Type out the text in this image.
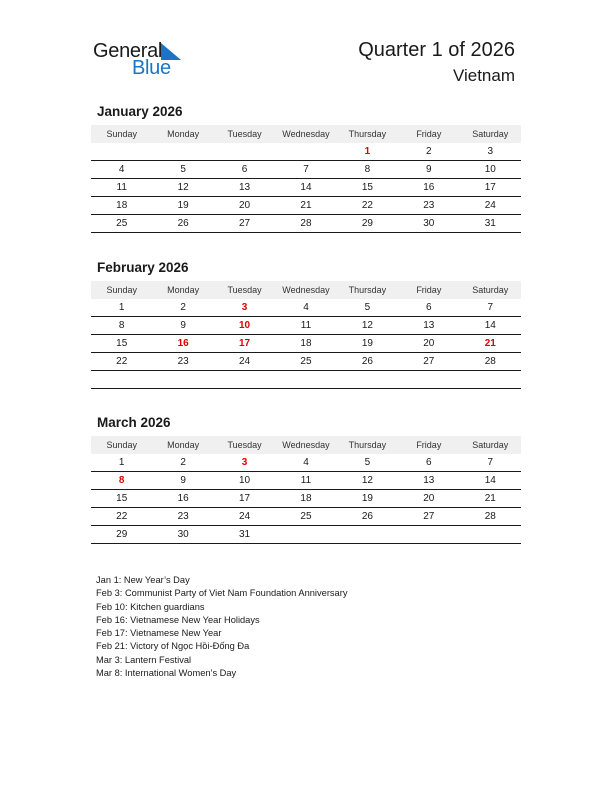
General
Blue
Quarter 1 of 2026
Vietnam
January 2026
Sunday	Monday	Tuesday	Wednesday	Thursday	Friday	Saturday
				1	2	3
4	5	6	7	8	9	10
11	12	13	14	15	16	17
18	19	20	21	22	23	24
25	26	27	28	29	30	31
February 2026
Sunday	Monday	Tuesday	Wednesday	Thursday	Friday	Saturday
1	2	3	4	5	6	7
8	9	10	11	12	13	14
15	16	17	18	19	20	21
22	23	24	25	26	27	28

March 2026
Sunday	Monday	Tuesday	Wednesday	Thursday	Friday	Saturday
1	2	3	4	5	6	7
8	9	10	11	12	13	14
15	16	17	18	19	20	21
22	23	24	25	26	27	28
29	30	31				
Jan 1: New Year’s Day
Feb 3: Communist Party of Viet Nam Foundation Anniversary
Feb 10: Kitchen guardians
Feb 16: Vietnamese New Year Holidays
Feb 17: Vietnamese New Year
Feb 21: Victory of Ngọc Hồi-Đống Đa
Mar 3: Lantern Festival
Mar 8: International Women’s Day
